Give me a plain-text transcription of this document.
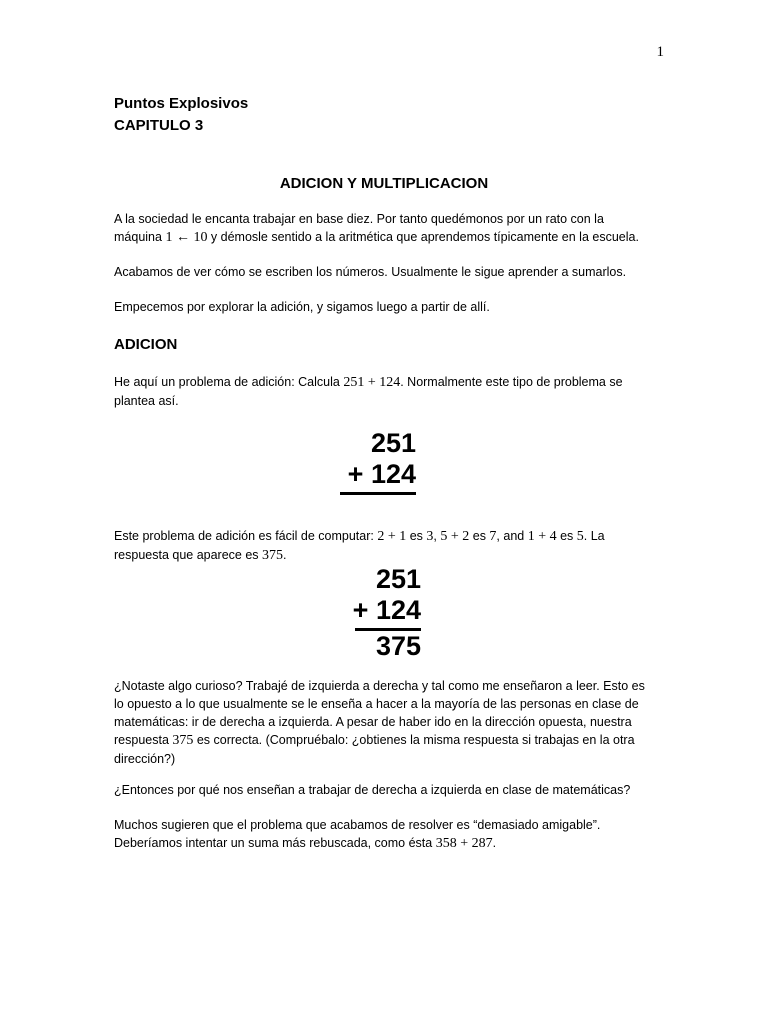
1
Puntos Explosivos
CAPITULO 3
ADICION Y MULTIPLICACION
A la sociedad le encanta trabajar en base diez. Por tanto quedémonos por un rato con la máquina 1 ← 10 y démosle sentido a la aritmética que aprendemos típicamente en la escuela.
Acabamos de ver cómo se escriben los números. Usualmente le sigue aprender a sumarlos.
Empecemos por explorar la adición, y sigamos luego a partir de allí.
ADICION
He aquí un problema de adición: Calcula 251 + 124. Normalmente este tipo de problema se plantea así.
251
+ 124
Este problema de adición es fácil de computar: 2 + 1 es 3, 5 + 2 es 7, and 1 + 4 es 5. La respuesta que aparece es 375.
251
+ 124
375
¿Notaste algo curioso? Trabajé de izquierda a derecha y tal como me enseñaron a leer. Esto es lo opuesto a lo que usualmente se le enseña a hacer a la mayoría de las personas en clase de matemáticas: ir de derecha a izquierda. A pesar de haber ido en la dirección opuesta, nuestra respuesta 375 es correcta. (Compruébalo: ¿obtienes la misma respuesta si trabajas en la otra dirección?)
¿Entonces por qué nos enseñan a trabajar de derecha a izquierda en clase de matemáticas?
Muchos sugieren que el problema que acabamos de resolver es “demasiado amigable”. Deberíamos intentar un suma más rebuscada, como ésta 358 + 287.
